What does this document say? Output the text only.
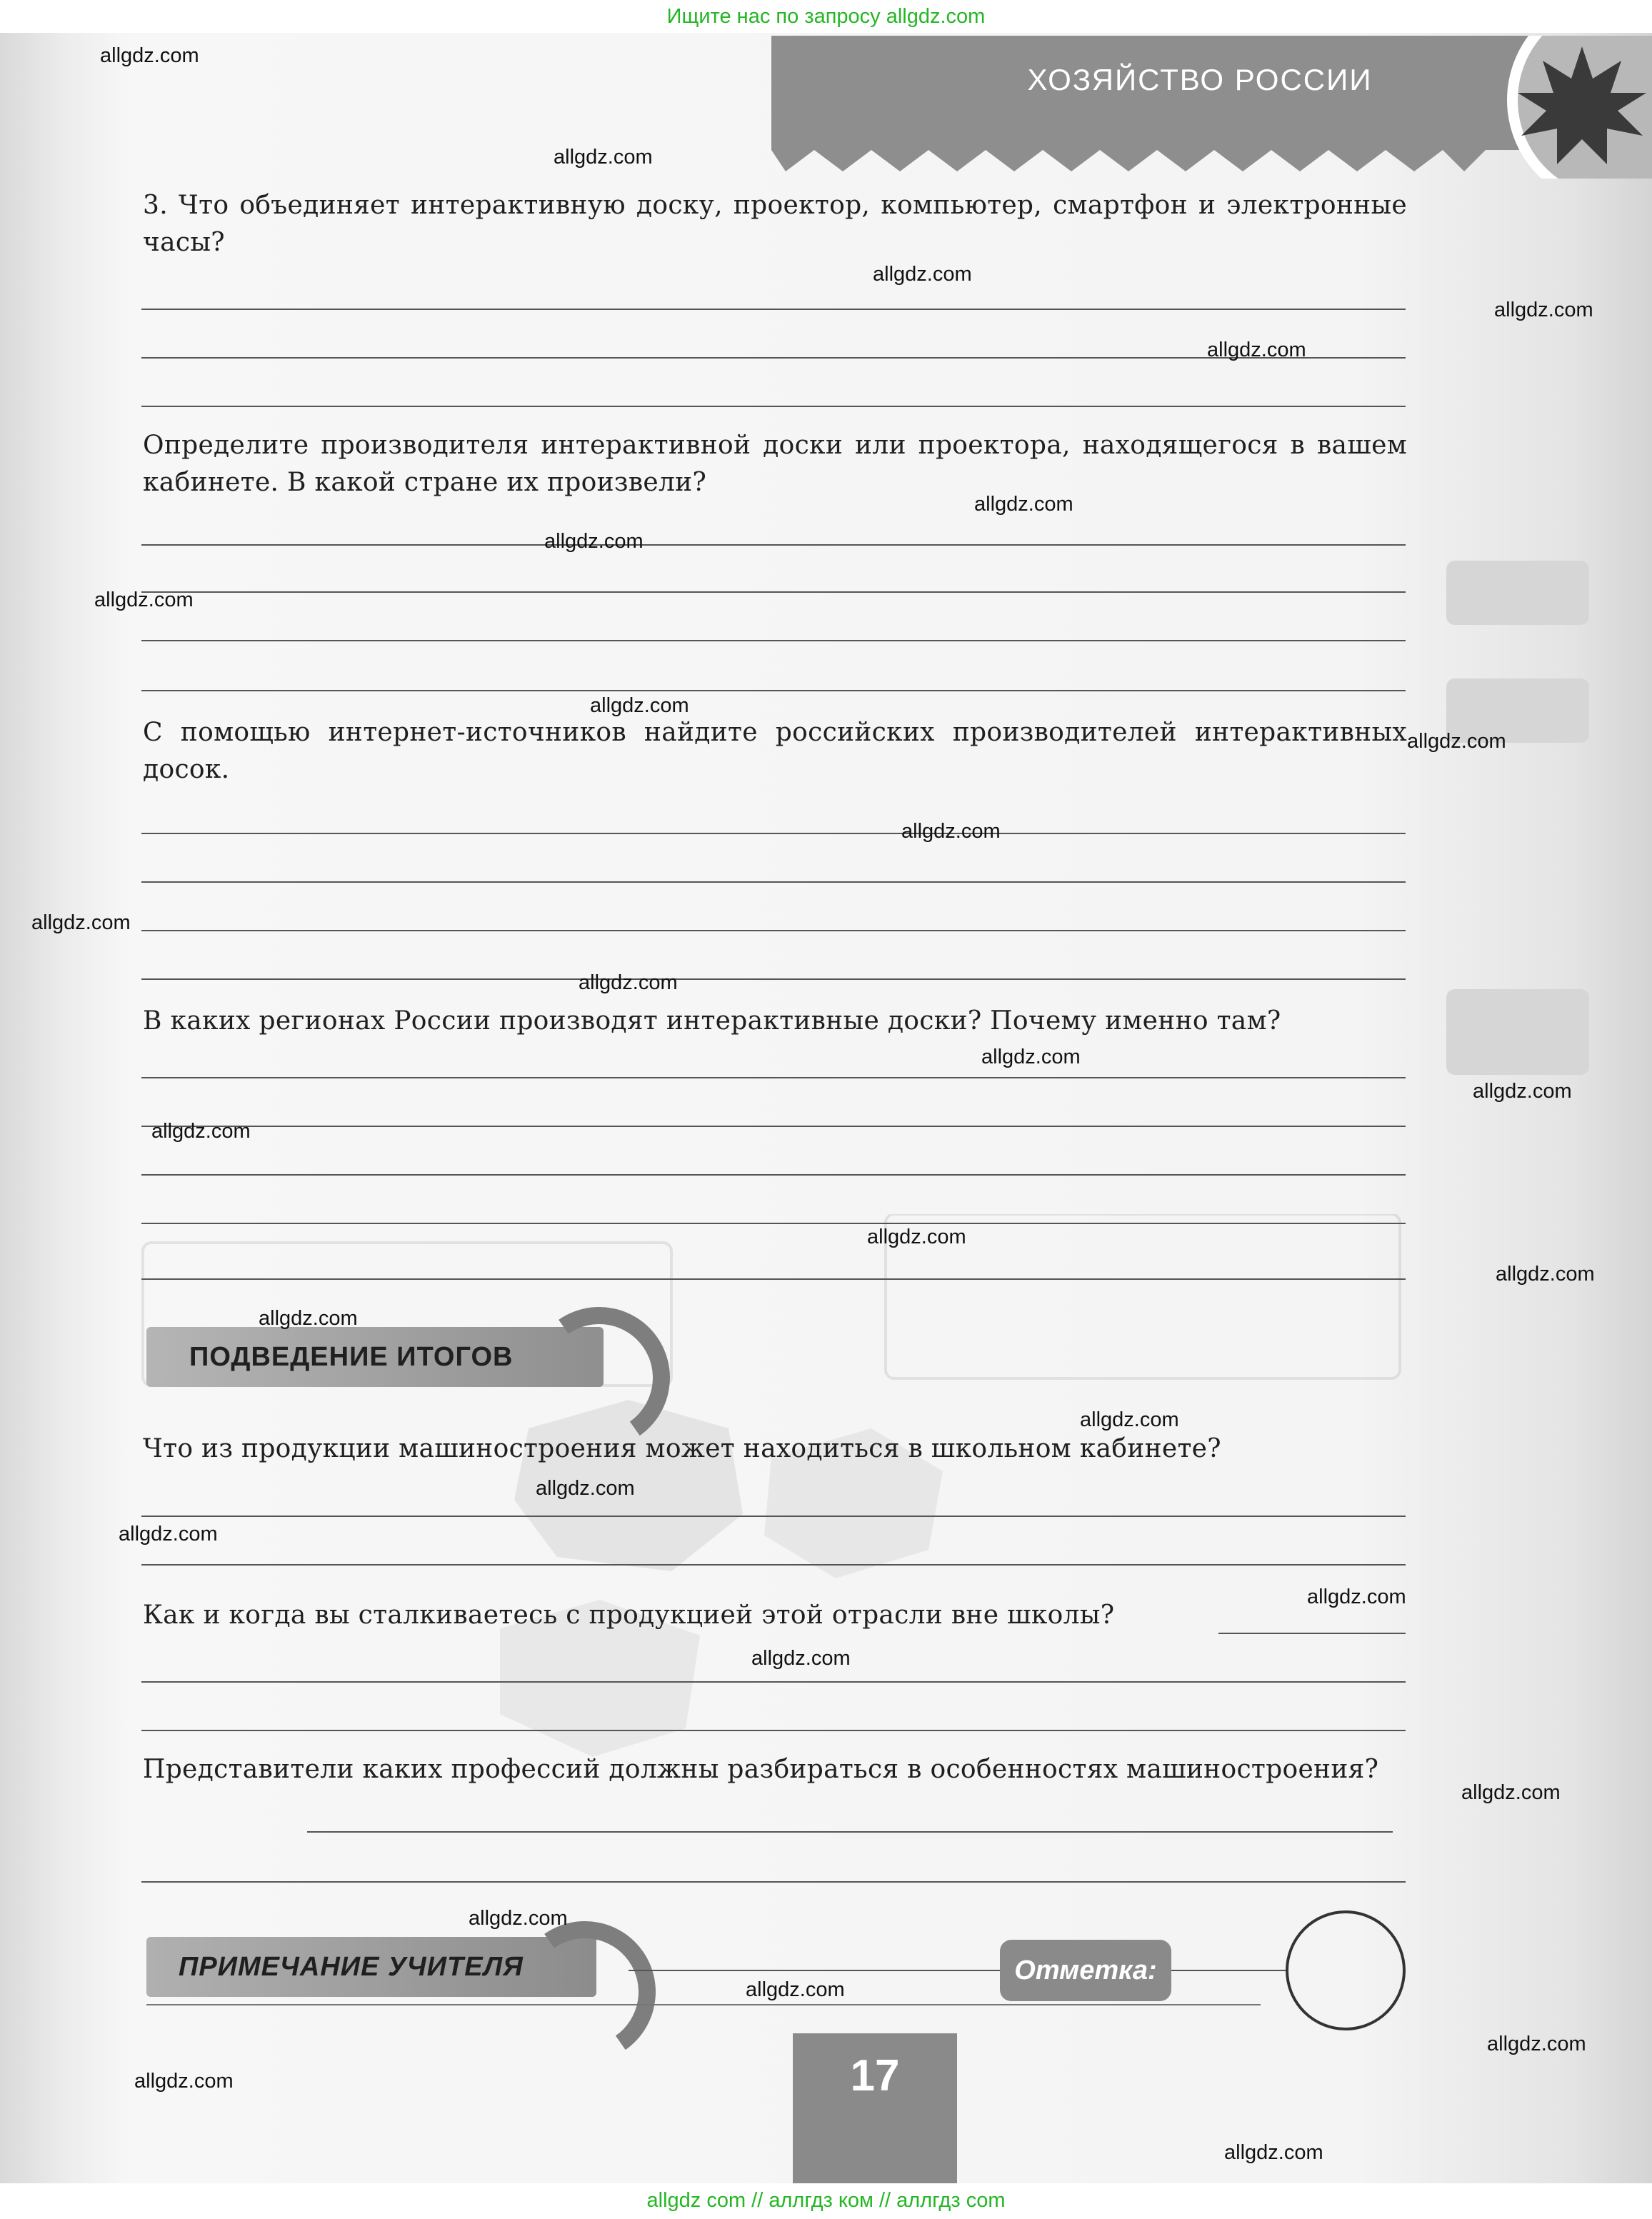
Ищите нас по запросу allgdz.com
allgdz com // аллгдз ком // аллгдз com
ХОЗЯЙСТВО РОССИИ
3. Что объединяет интерактивную доску, проектор, компьютер, смартфон и электронные часы?
Определите производителя интерактивной доски или проектора, находящегося в вашем кабинете. В какой стране их произвели?
С помощью интернет-источников найдите российских производителей интерактивных досок.
В каких регионах России производят интерактивные доски? Почему именно там?
ПОДВЕДЕНИЕ ИТОГОВ
Что из продукции машиностроения может находиться в школьном кабинете?
Как и когда вы сталкиваетесь с продукцией этой отрасли вне школы?
Представители каких профессий должны разбираться в особенностях машиностроения?
ПРИМЕЧАНИЕ УЧИТЕЛЯ	Отметка:
17
allgdz.com
allgdz.com
allgdz.com
allgdz.com
allgdz.com
allgdz.com
allgdz.com
allgdz.com
allgdz.com
allgdz.com
allgdz.com
allgdz.com
allgdz.com
allgdz.com
allgdz.com
allgdz.com
allgdz.com
allgdz.com
allgdz.com
allgdz.com
allgdz.com
allgdz.com
allgdz.com
allgdz.com
allgdz.com
allgdz.com
allgdz.com
allgdz.com
allgdz.com
allgdz.com
